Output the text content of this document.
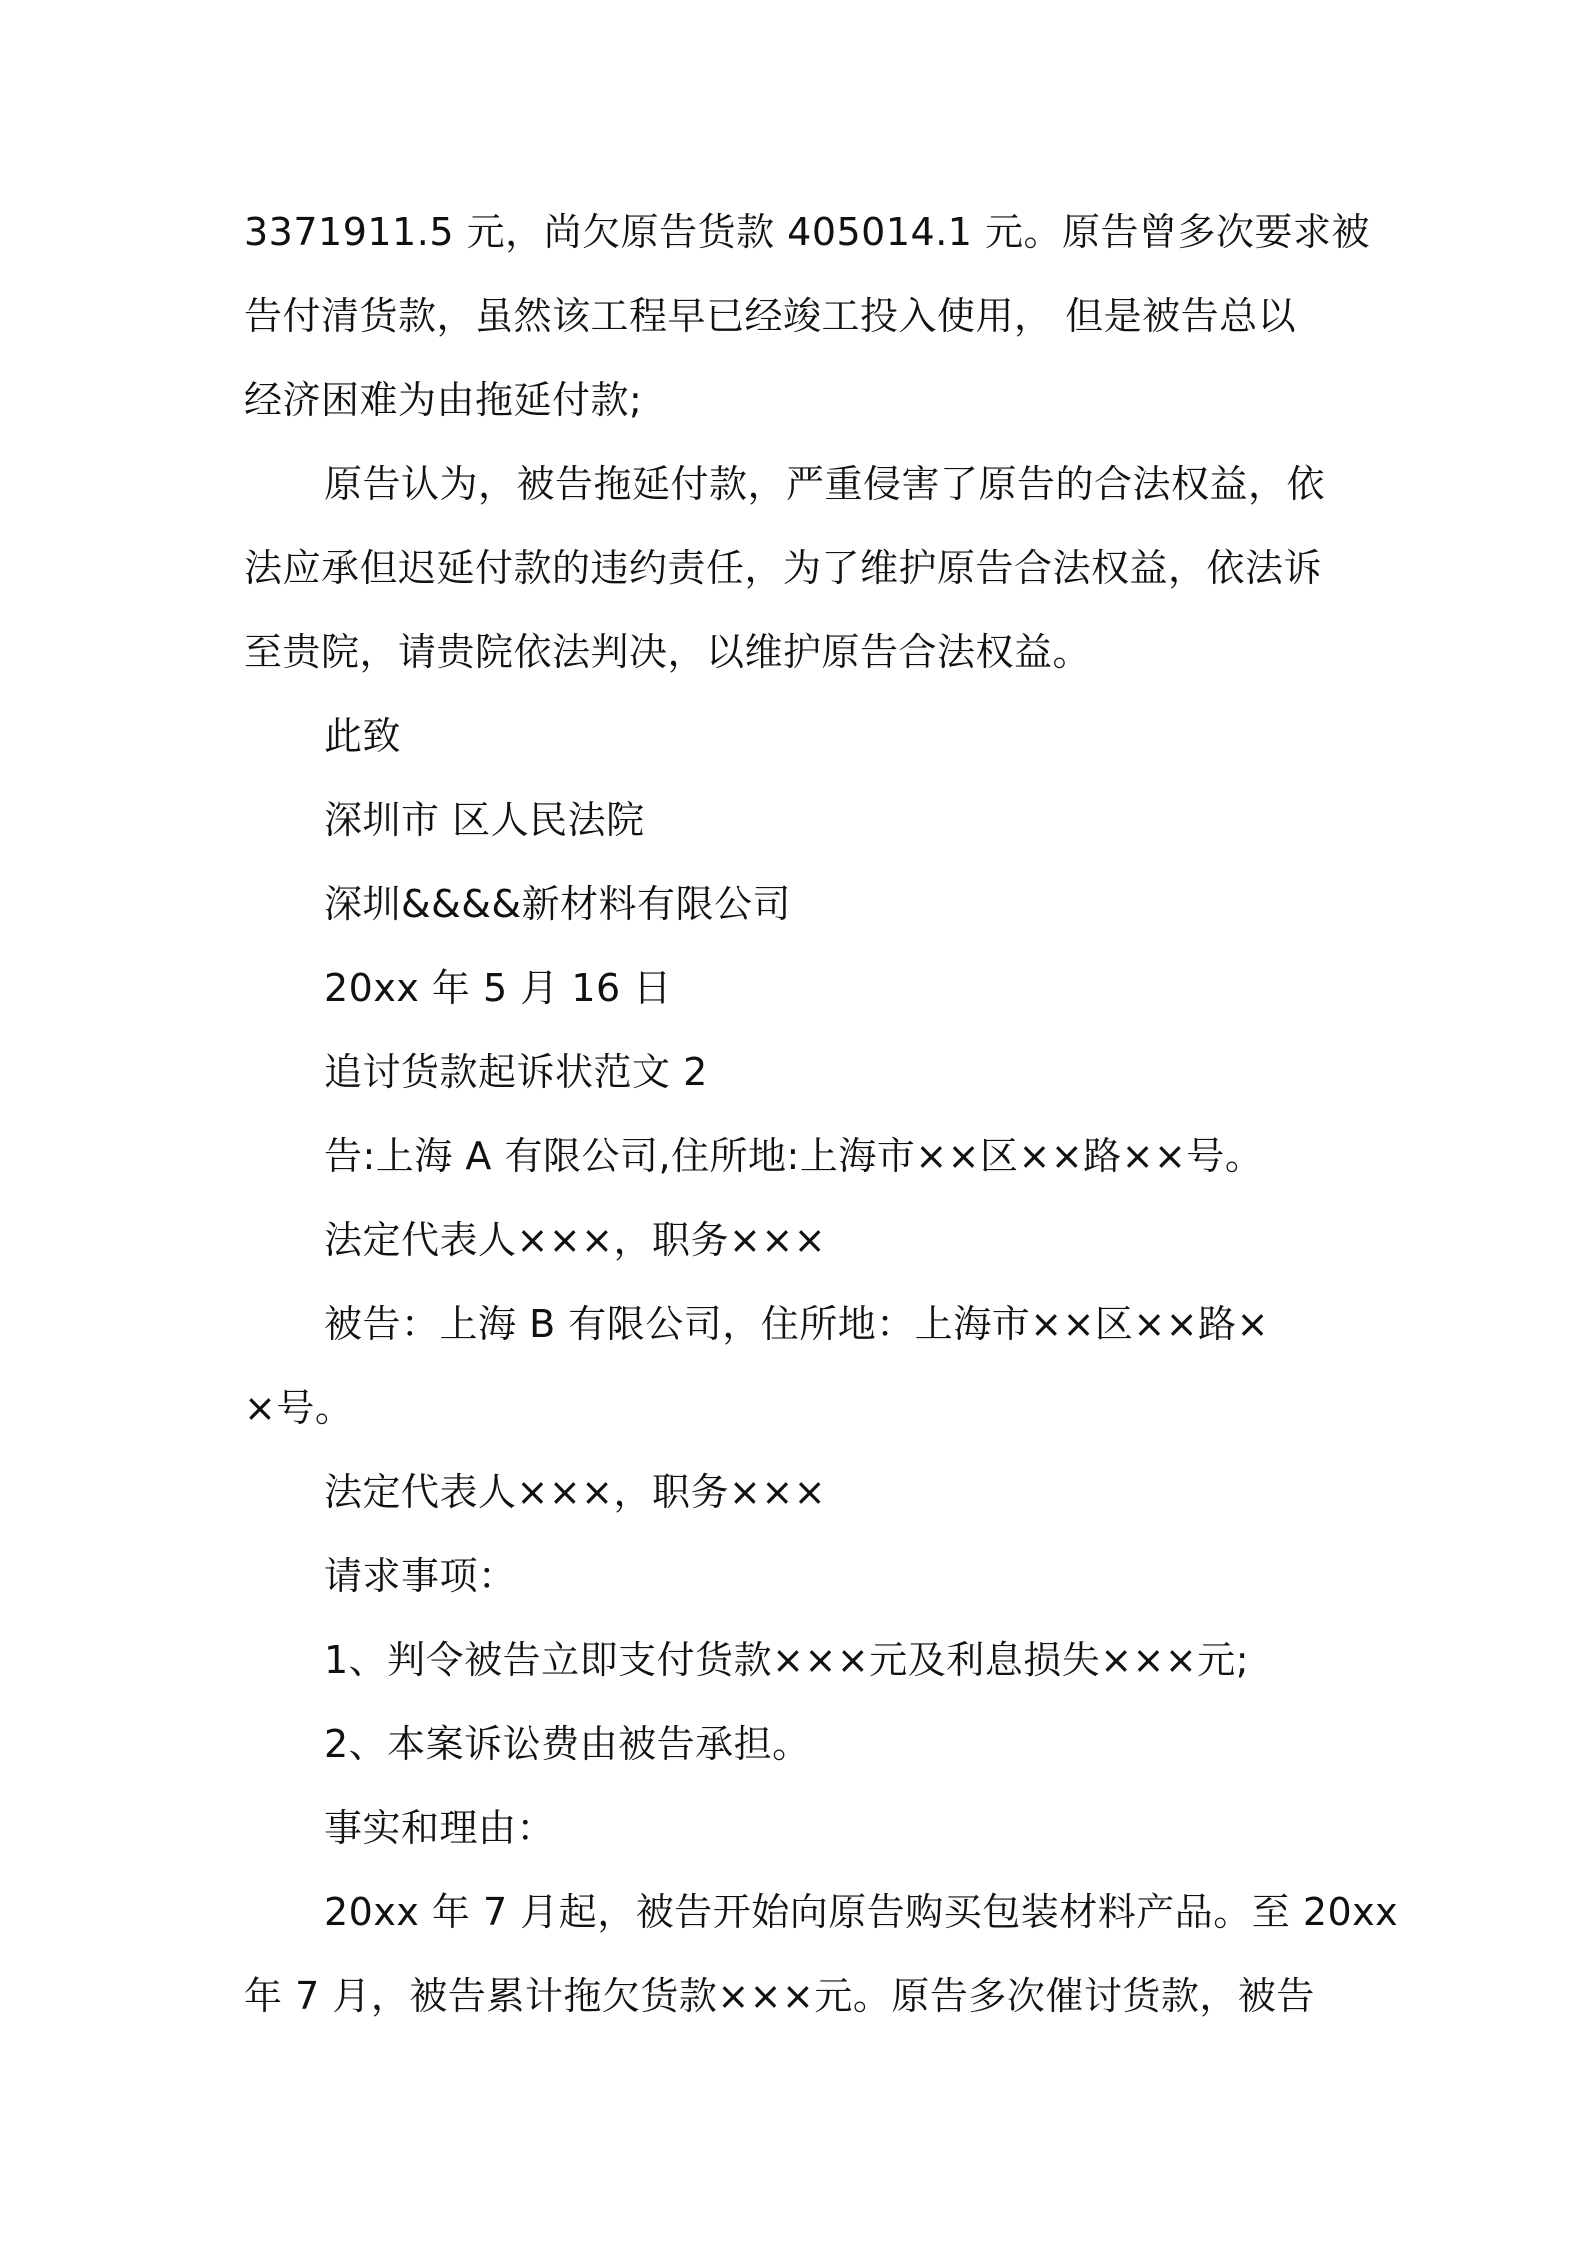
3371911.5 元，尚欠原告货款 405014.1 元。原告曾多次要求被
告付清货款，虽然该工程早已经竣工投入使用， 但是被告总以
经济困难为由拖延付款;
原告认为，被告拖延付款，严重侵害了原告的合法权益，依
法应承但迟延付款的违约责任，为了维护原告合法权益，依法诉
至贵院，请贵院依法判决，以维护原告合法权益。
此致
深圳市 区人民法院
深圳&&&&新材料有限公司
20xx 年 5 月 16 日
追讨货款起诉状范文 2
告:上海 A 有限公司,住所地:上海市××区××路××号。
法定代表人×××，职务×××
被告：上海 B 有限公司，住所地：上海市××区××路×
×号。
法定代表人×××，职务×××
请求事项：
1、判令被告立即支付货款×××元及利息损失×××元;
2、本案诉讼费由被告承担。
事实和理由：
20xx 年 7 月起，被告开始向原告购买包装材料产品。至 20xx
年 7 月，被告累计拖欠货款×××元。原告多次催讨货款，被告
